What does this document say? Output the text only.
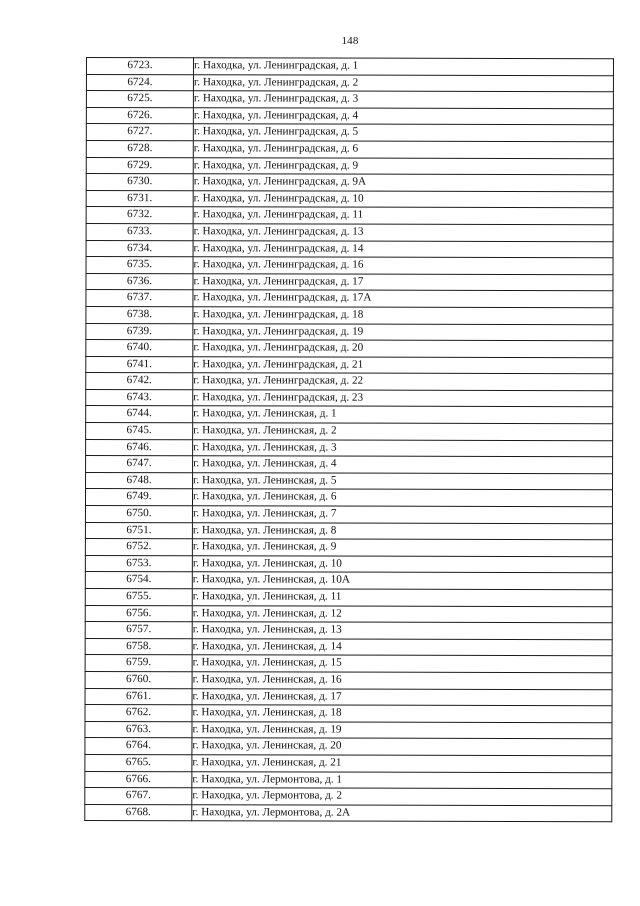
148
6723.	г. Находка, ул. Ленинградская, д. 1
6724.	г. Находка, ул. Ленинградская, д. 2
6725.	г. Находка, ул. Ленинградская, д. 3
6726.	г. Находка, ул. Ленинградская, д. 4
6727.	г. Находка, ул. Ленинградская, д. 5
6728.	г. Находка, ул. Ленинградская, д. 6
6729.	г. Находка, ул. Ленинградская, д. 9
6730.	г. Находка, ул. Ленинградская, д. 9А
6731.	г. Находка, ул. Ленинградская, д. 10
6732.	г. Находка, ул. Ленинградская, д. 11
6733.	г. Находка, ул. Ленинградская, д. 13
6734.	г. Находка, ул. Ленинградская, д. 14
6735.	г. Находка, ул. Ленинградская, д. 16
6736.	г. Находка, ул. Ленинградская, д. 17
6737.	г. Находка, ул. Ленинградская, д. 17А
6738.	г. Находка, ул. Ленинградская, д. 18
6739.	г. Находка, ул. Ленинградская, д. 19
6740.	г. Находка, ул. Ленинградская, д. 20
6741.	г. Находка, ул. Ленинградская, д. 21
6742.	г. Находка, ул. Ленинградская, д. 22
6743.	г. Находка, ул. Ленинградская, д. 23
6744.	г. Находка, ул. Ленинская, д. 1
6745.	г. Находка, ул. Ленинская, д. 2
6746.	г. Находка, ул. Ленинская, д. 3
6747.	г. Находка, ул. Ленинская, д. 4
6748.	г. Находка, ул. Ленинская, д. 5
6749.	г. Находка, ул. Ленинская, д. 6
6750.	г. Находка, ул. Ленинская, д. 7
6751.	г. Находка, ул. Ленинская, д. 8
6752.	г. Находка, ул. Ленинская, д. 9
6753.	г. Находка, ул. Ленинская, д. 10
6754.	г. Находка, ул. Ленинская, д. 10А
6755.	г. Находка, ул. Ленинская, д. 11
6756.	г. Находка, ул. Ленинская, д. 12
6757.	г. Находка, ул. Ленинская, д. 13
6758.	г. Находка, ул. Ленинская, д. 14
6759.	г. Находка, ул. Ленинская, д. 15
6760.	г. Находка, ул. Ленинская, д. 16
6761.	г. Находка, ул. Ленинская, д. 17
6762.	г. Находка, ул. Ленинская, д. 18
6763.	г. Находка, ул. Ленинская, д. 19
6764.	г. Находка, ул. Ленинская, д. 20
6765.	г. Находка, ул. Ленинская, д. 21
6766.	г. Находка, ул. Лермонтова, д. 1
6767.	г. Находка, ул. Лермонтова, д. 2
6768.	г. Находка, ул. Лермонтова, д. 2А
